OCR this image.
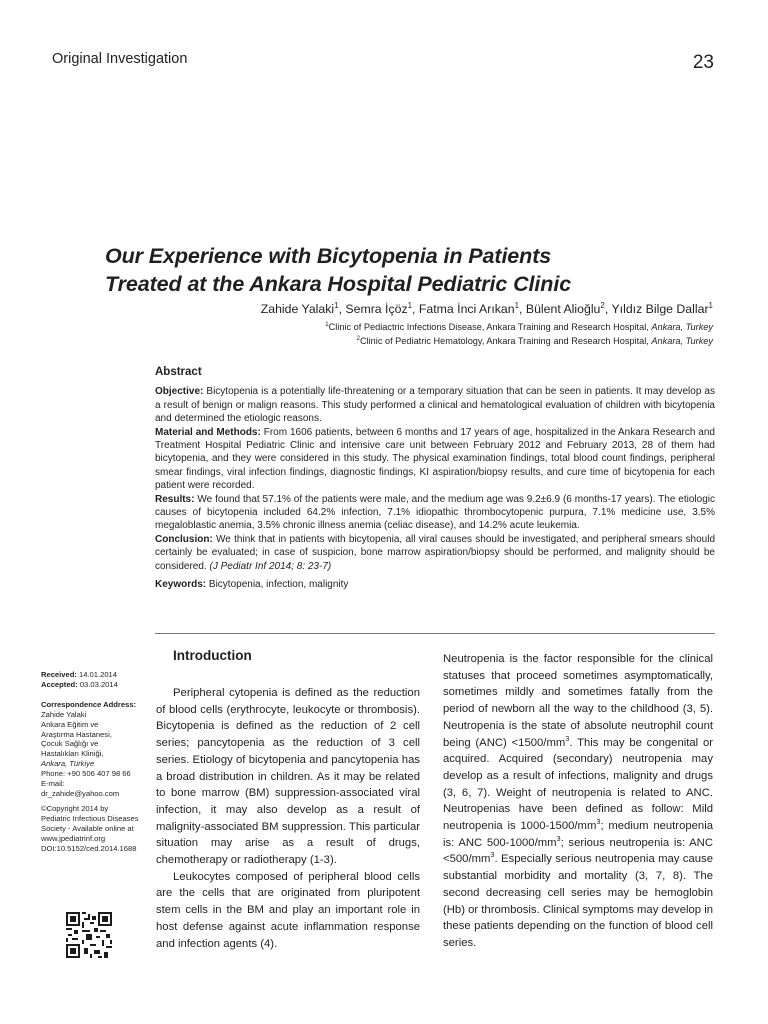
Original Investigation	23
Our Experience with Bicytopenia in Patients
Treated at the Ankara Hospital Pediatric Clinic
Zahide Yalaki$^1$, Semra İçöz$^1$, Fatma İnci Arıkan$^1$, Bülent Alioğlu$^2$, Yıldız Bilge Dallar$^1$
$^1$Clinic of Pediactric Infections Disease, Ankara Training and Research Hospital, Ankara, Turkey
$^2$Clinic of Pediatric Hematology, Ankara Training and Research Hospital, Ankara, Turkey
Abstract

Objective: Bicytopenia is a potentially life-threatening or a temporary situation that can be seen in patients. It may develop as a result of benign or malign reasons. This study performed a clinical and hematological evaluation of children with bicytopenia and determined the etiologic reasons.

Material and Methods: From 1606 patients, between 6 months and 17 years of age, hospitalized in the Ankara Research and Treatment Hospital Pediatric Clinic and intensive care unit between February 2012 and February 2013, 28 of them had bicytopenia, and they were considered in this study. The physical examination findings, total blood count findings, peripheral smear findings, viral infection findings, diagnostic findings, KI aspiration/biopsy results, and cure time of bicytopenia for each patient were recorded.

Results: We found that 57.1% of the patients were male, and the medium age was 9.2±6.9 (6 months-17 years). The etiologic causes of bicytopenia included 64.2% infection, 7.1% idiopathic thrombocytopenic purpura, 7.1% medicine use, 3.5% megaloblastic anemia, 3.5% chronic illness anemia (celiac disease), and 14.2% acute leukemia.

Conclusion: We think that in patients with bicytopenia, all viral causes should be investigated, and peripheral smears should certainly be evaluated; in case of suspicion, bone marrow aspiration/biopsy should be performed, and malignity should be considered. (J Pediatr Inf 2014; 8: 23-7)

Keywords: Bicytopenia, infection, malignity

Received: 14.01.2014
Accepted: 03.03.2014
Correspondence Address:
Zahide Yalaki
Ankara Eğitim ve
Araştırma Hastanesi,
Çocuk Sağlığı ve
Hastalıkları Kliniği,
Ankara, Türkiye
Phone: +90 506 407 98 66
E-mail:
dr_zahide@yahoo.com
©Copyright 2014 by
Pediatric Infectious Diseases
Society - Available online at
www.jpediatrinf.org
DOI:10.5152/ced.2014.1688
Introduction

Peripheral cytopenia is defined as the reduction of blood cells (erythrocyte, leukocyte or thrombosis). Bicytopenia is defined as the reduction of 2 cell series; pancytopenia as the reduction of 3 cell series. Etiology of bicytopenia and pancytopenia has a broad distribution in children. As it may be related to bone marrow (BM) suppression-associated viral infection, it may also develop as a result of malignity-associated BM suppression. This particular situation may arise as a result of drugs, chemotherapy or radiotherapy (1-3).

Leukocytes composed of peripheral blood cells are the cells that are originated from pluripotent stem cells in the BM and play an important role in host defense against acute inflammation response and infection agents (4).

Neutropenia is the factor responsible for the clinical statuses that proceed sometimes asymptomatically, sometimes mildly and sometimes fatally from the period of newborn all the way to the childhood (3, 5). Neutropenia is the state of absolute neutrophil count being $(ANC) <1500/mm^3$. This may be congenital or acquired. Acquired (secondary) neutropenia may develop as a result of infections, malignity and drugs (3, 6, 7). Weight of neutropenia is related to ANC. Neutropenias have been defined as follow: Mild neutropenia is $1000-1500/mm^3$; medium neutropenia is: ANC $500-1000/mm^3$; serious neutropenia is: ANC $<500/mm^3$. Especially serious neutropenia may cause substantial morbidity and mortality (3, 7, 8). The second decreasing cell series may be hemoglobin (Hb) or thrombosis. Clinical symptoms may develop in these patients depending on the function of blood cell series.
